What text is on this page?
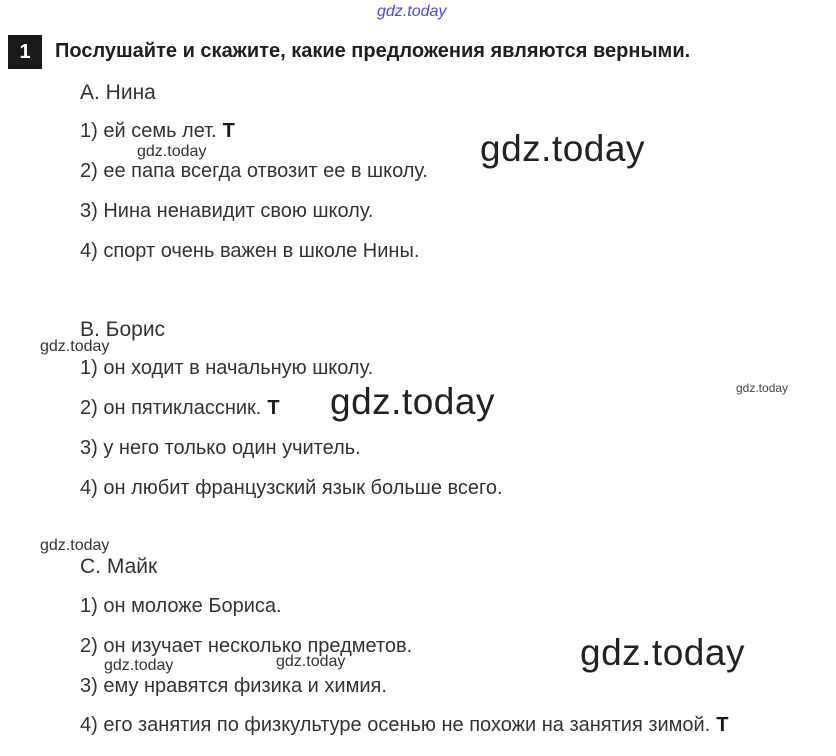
gdz.today
1	Послушайте и скажите, какие предложения являются верными.
A. Нина
1) ей семь лет. T
2) ее папа всегда отвозит ее в школу.
3) Нина ненавидит свою школу.
4) спорт очень важен в школе Нины.
B. Борис
1) он ходит в начальную школу.
2) он пятиклассник. T
3) у него только один учитель.
4) он любит французский язык больше всего.
C. Майк
1) он моложе Бориса.
2) он изучает несколько предметов.
3) ему нравятся физика и химия.
4) его занятия по физкультуре осенью не похожи на занятия зимой. T
gdz.today
gdz.today
gdz.today
gdz.today
gdz.today
gdz.today
gdz.today
gdz.today	gdz.today
